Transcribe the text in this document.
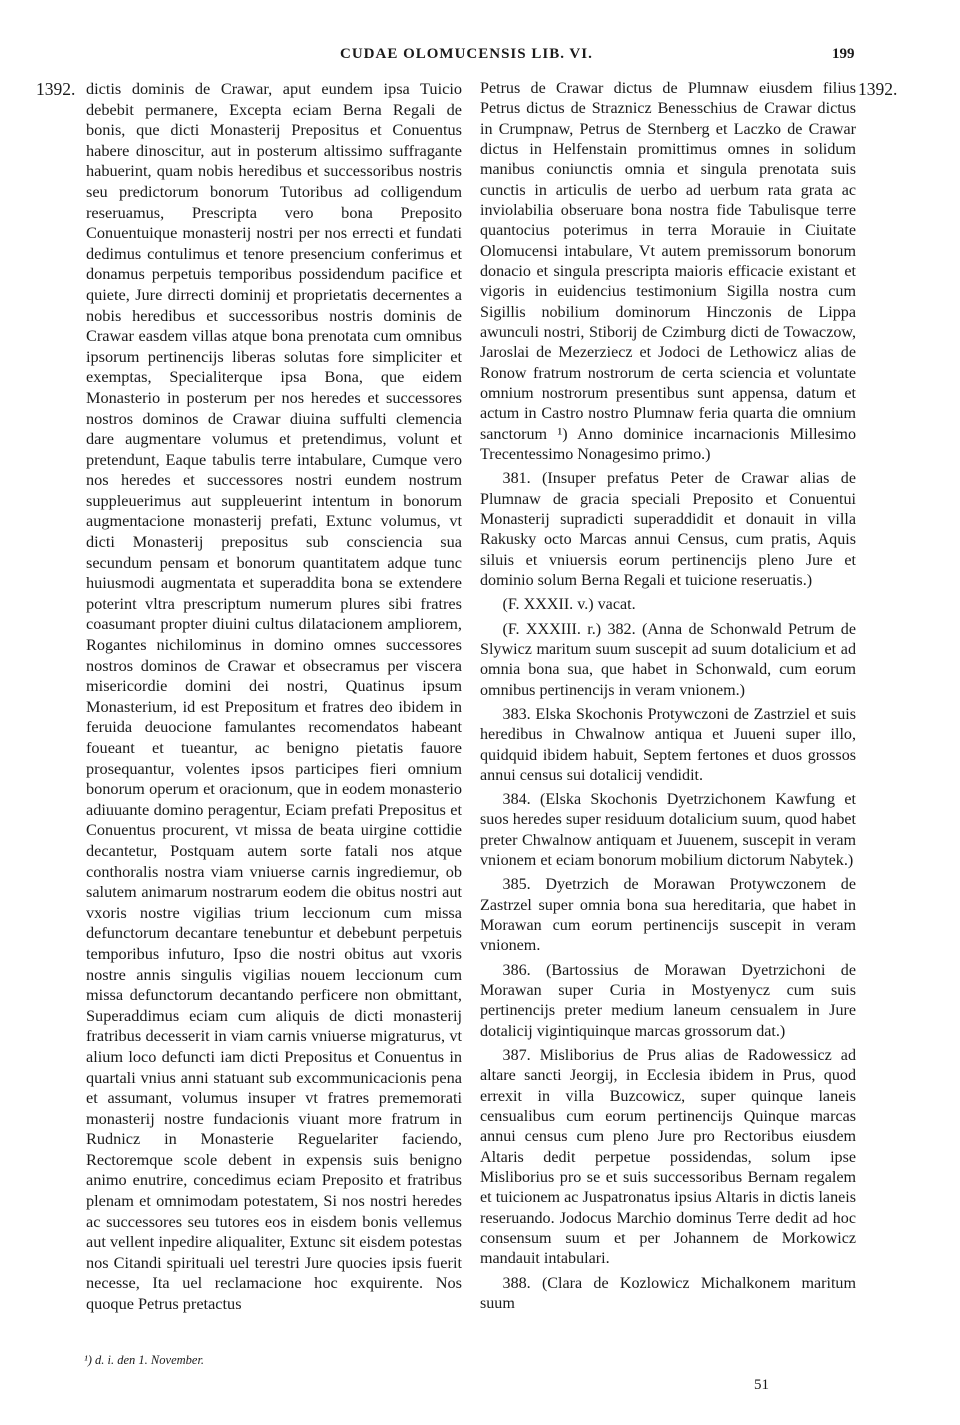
CUDAE OLOMUCENSIS LIB. VI.	199
1392.	1392.

dictis dominis de Crawar, aput eundem ipsa Tuicio debebit permanere, Excepta eciam Berna Regali de bonis, que dicti Monasterij Prepositus et Conuentus habere dinoscitur, aut in posterum altissimo suffragante habuerint, quam nobis heredibus et successoribus nostris seu predictorum bonorum Tutoribus ad colligendum reseruamus, Prescripta vero bona Preposito Conuentuique monasterij nostri per nos errecti et fundati dedimus contulimus et tenore presencium conferimus et donamus perpetuis temporibus possidendum pacifice et quiete, Jure dirrecti dominij et proprietatis decernentes a nobis heredibus et successoribus nostris dominis de Crawar easdem villas atque bona prenotata cum omnibus ipsorum pertinencijs liberas solutas fore simpliciter et exemptas, Specialiterque ipsa Bona, que eidem Monasterio in posterum per nos heredes et successores nostros dominos de Crawar diuina suffulti clemencia dare augmentare volumus et pretendimus, volunt et pretendunt, Eaque tabulis terre intabulare, Cumque vero nos heredes et successores nostri eundem nostrum suppleuerimus aut suppleuerint intentum in bonorum augmentacione monasterij prefati, Extunc volumus, vt dicti Monasterij prepositus sub consciencia sua secundum pensam et bonorum quantitatem adque tunc huiusmodi augmentata et superaddita bona se extendere poterint vltra prescriptum numerum plures sibi fratres coasumant propter diuini cultus dilatacionem ampliorem, Rogantes nichilominus in domino omnes successores nostros dominos de Crawar et obsecramus per viscera misericordie domini dei nostri, Quatinus ipsum Monasterium, id est Prepositum et fratres deo ibidem in feruida deuocione famulantes recomendatos habeant foueant et tueantur, ac benigno pietatis fauore prosequantur, volentes ipsos participes fieri omnium bonorum operum et oracionum, que in eodem monasterio adiuuante domino peragentur, Eciam prefati Prepositus et Conuentus procurent, vt missa de beata uirgine cottidie decantetur, Postquam autem sorte fatali nos atque conthoralis nostra viam vniuerse carnis ingrediemur, ob salutem animarum nostrarum eodem die obitus nostri aut vxoris nostre vigilias trium leccionum cum missa defunctorum decantare tenebuntur et debebunt perpetuis temporibus infuturo, Ipso die nostri obitus aut vxoris nostre annis singulis vigilias nouem leccionum cum missa defunctorum decantando perficere non obmittant, Superaddimus eciam cum aliquis de dicti monasterij fratribus decesserit in viam carnis vniuerse migraturus, vt alium loco defuncti iam dicti Prepositus et Conuentus in quartali vnius anni statuant sub excommunicacionis pena et assumant, volumus insuper vt fratres prememorati monasterij nostre fundacionis viuant more fratrum in Rudnicz in Monasterie Reguelariter faciendo, Rectoremque scole debent in expensis suis benigno animo enutrire, concedimus eciam Preposito et fratribus plenam et omnimodam potestatem, Si nos nostri heredes ac successores seu tutores eos in eisdem bonis vellemus aut vellent inpedire aliqualiter, Extunc sit eisdem potestas nos Citandi spirituali uel terestri Jure quocies ipsis fuerit necesse, Ita uel reclamacione hoc exquirente. Nos quoque Petrus pretactus

Petrus de Crawar dictus de Plumnaw eiusdem filius Petrus dictus de Straznicz Benesschius de Crawar dictus in Crumpnaw, Petrus de Sternberg et Laczko de Crawar dictus in Helfenstain promittimus omnes in solidum manibus coniunctis omnia et singula prenotata suis cunctis in articulis de uerbo ad uerbum rata grata ac inviolabilia obseruare bona nostra fide Tabulisque terre quantocius poterimus in terra Morauie in Ciuitate Olomucensi intabulare, Vt autem premissorum bonorum donacio et singula prescripta maioris efficacie existant et vigoris in euidencius testimonium Sigilla nostra cum Sigillis nobilium dominorum Hinczonis de Lippa awunculi nostri, Stiborij de Czimburg dicti de Towaczow, Jaroslai de Mezerziecz et Jodoci de Lethowicz alias de Ronow fratrum nostrorum de certa sciencia et voluntate omnium nostrorum presentibus sunt appensa, datum et actum in Castro nostro Plumnaw feria quarta die omnium sanctorum ¹) Anno dominice incarnacionis Millesimo Trecentessimo Nonagesimo primo.)

381. (Insuper prefatus Peter de Crawar alias de Plumnaw de gracia speciali Preposito et Conuentui Monasterij supradicti superaddidit et donauit in villa Rakusky octo Marcas annui Census, cum pratis, Aquis siluis et vniuersis eorum pertinencijs pleno Jure et dominio solum Berna Regali et tuicione reseruatis.)

(F. XXXII. v.) vacat.

(F. XXXIII. r.) 382. (Anna de Schonwald Petrum de Slywicz maritum suum suscepit ad suum dotalicium et ad omnia bona sua, que habet in Schonwald, cum eorum omnibus pertinencijs in veram vnionem.)

383. Elska Skochonis Protywczoni de Zastrziel et suis heredibus in Chwalnow antiqua et Juueni super illo, quidquid ibidem habuit, Septem fertones et duos grossos annui census sui dotalicij vendidit.

384. (Elska Skochonis Dyetrzichonem Kawfung et suos heredes super residuum dotalicium suum, quod habet preter Chwalnow antiquam et Juuenem, suscepit in veram vnionem et eciam bonorum mobilium dictorum Nabytek.)

385. Dyetrzich de Morawan Protywczonem de Zastrzel super omnia bona sua hereditaria, que habet in Morawan cum eorum pertinencijs suscepit in veram vnionem.

386. (Bartossius de Morawan Dyetrzichoni de Morawan super Curia in Mostyenycz cum suis pertinencijs preter medium laneum censualem in Jure dotalicij vigintiquinque marcas grossorum dat.)

387. Misliborius de Prus alias de Radowessicz ad altare sancti Jeorgij, in Ecclesia ibidem in Prus, quod errexit in villa Buzcowicz, super quinque laneis censualibus cum eorum pertinencijs Quinque marcas annui census cum pleno Jure pro Rectoribus eiusdem Altaris dedit perpetue possidendas, solum ipse Misliborius pro se et suis successoribus Bernam regalem et tuicionem ac Juspatronatus ipsius Altaris in dictis laneis reseruando. Jodocus Marchio dominus Terre dedit ad hoc consensum suum et per Johannem de Morkowicz mandauit intabulari.

388. (Clara de Kozlowicz Michalkonem maritum suum

¹) d. i. den 1. November.
51
